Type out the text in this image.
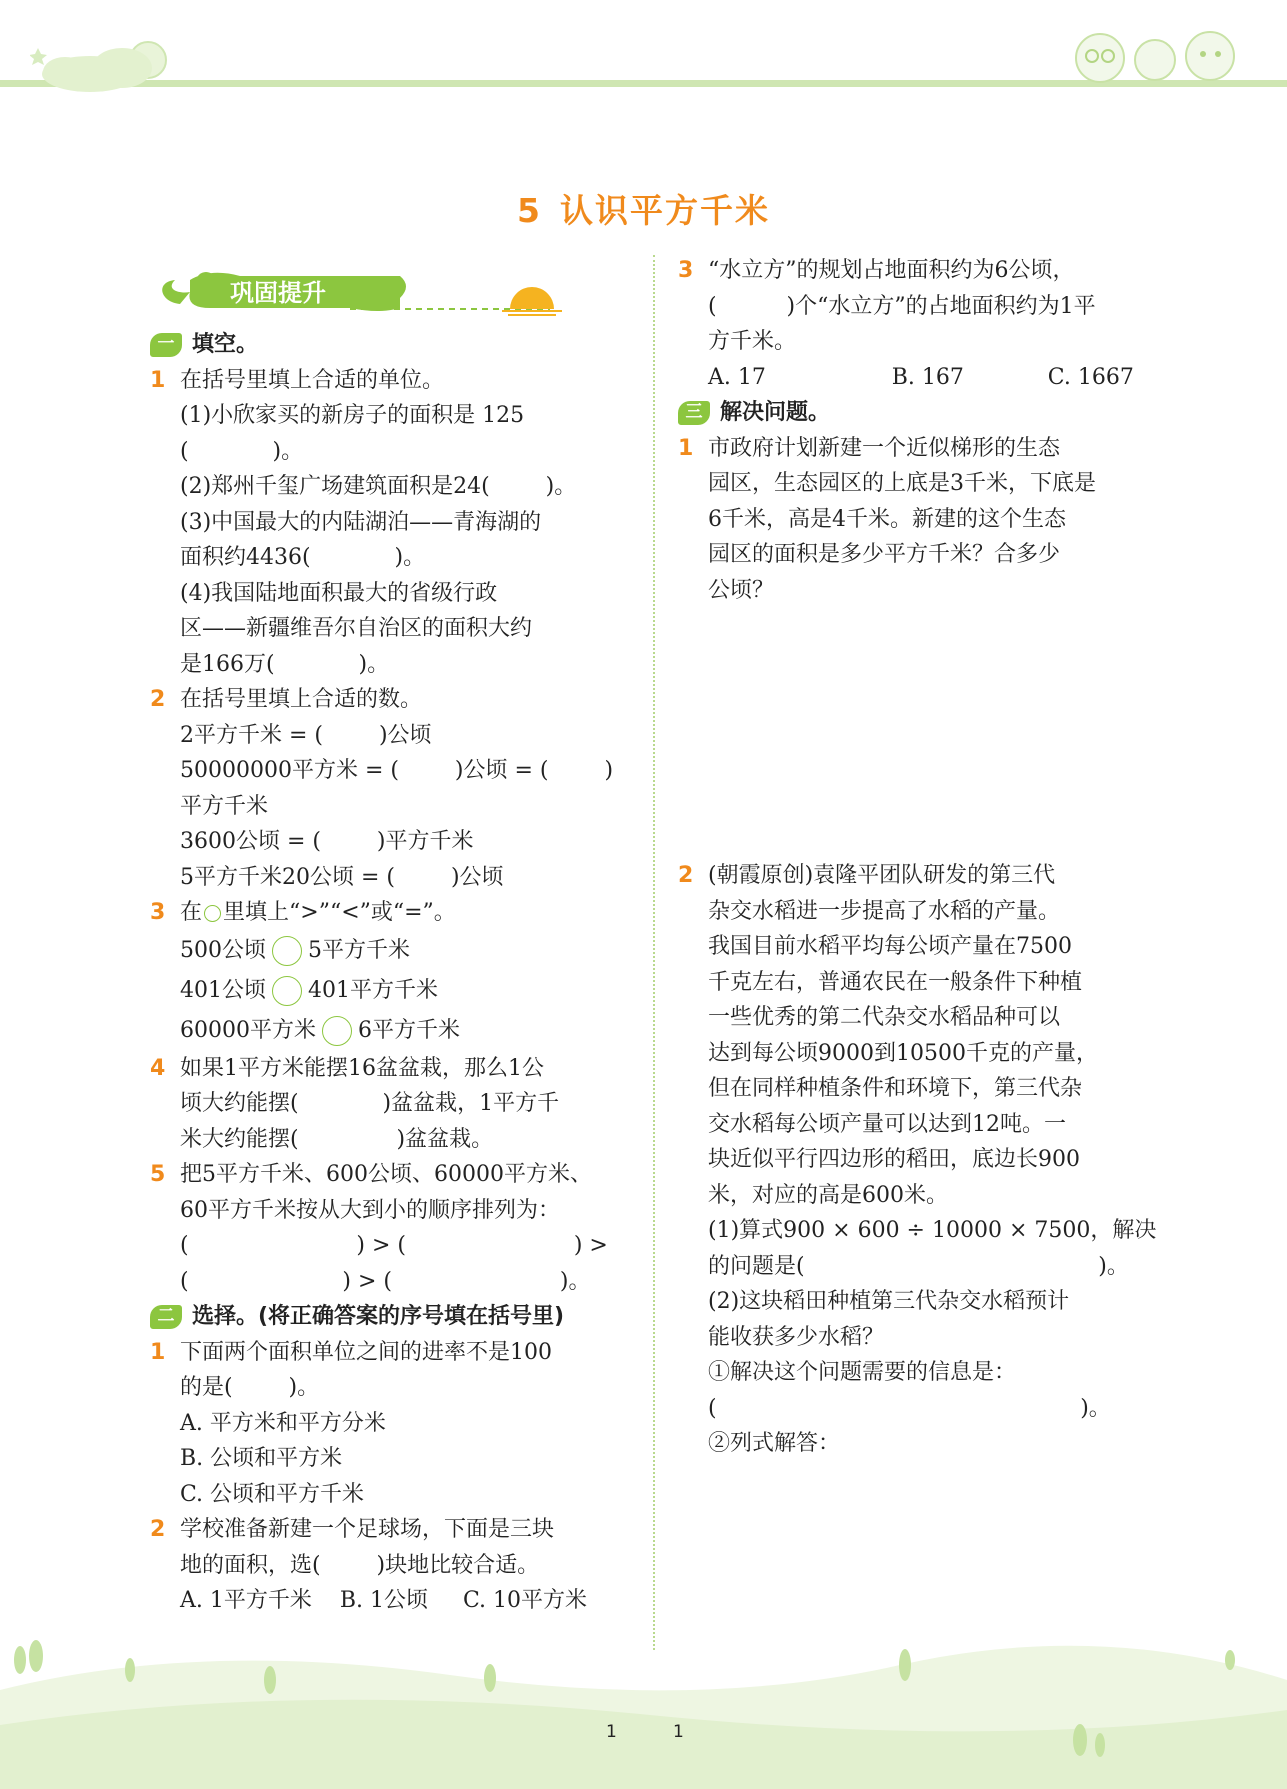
5 认识平方千米
巩固提升
一 填空。
1 在括号里填上合适的单位。
(1)小欣家买的新房子的面积是 125
(            )。
(2)郑州千玺广场建筑面积是24(        )。
(3)中国最大的内陆湖泊——青海湖的
面积约4436(            )。
(4)我国陆地面积最大的省级行政
区——新疆维吾尔自治区的面积大约
是166万(            )。
2 在括号里填上合适的数。
2平方千米 = (        )公顷
50000000平方米 = (        )公顷 = (        )
平方千米
3600公顷 = (        )平方千米
5平方千米20公顷 = (        )公顷
3 在 里填上“>”“<”或“=”。
500公顷 5平方千米
401公顷 401平方千米
60000平方米 6平方千米
4 如果1平方米能摆16盆盆栽，那么1公
顷大约能摆(            )盆盆栽，1平方千
米大约能摆(              )盆盆栽。
5 把5平方千米、600公顷、60000平方米、
60平方千米按从大到小的顺序排列为：
(                        ) > (                        ) >
(                      ) > (                        )。
二 选择。(将正确答案的序号填在括号里)
1 下面两个面积单位之间的进率不是100
的是(        )。
A. 平方米和平方分米
B. 公顷和平方米
C. 公顷和平方千米
2 学校准备新建一个足球场，下面是三块
地的面积，选(        )块地比较合适。
A. 1平方千米    B. 1公顷     C. 10平方米
3 “水立方”的规划占地面积约为6公顷，
(          )个“水立方”的占地面积约为1平
方千米。
A. 17                  B. 167            C. 1667
三 解决问题。
1 市政府计划新建一个近似梯形的生态
园区，生态园区的上底是3千米，下底是
6千米，高是4千米。新建的这个生态
园区的面积是多少平方千米？合多少
公顷？
2 (朝霞原创)袁隆平团队研发的第三代
杂交水稻进一步提高了水稻的产量。
我国目前水稻平均每公顷产量在7500
千克左右，普通农民在一般条件下种植
一些优秀的第二代杂交水稻品种可以
达到每公顷9000到10500千克的产量，
但在同样种植条件和环境下，第三代杂
交水稻每公顷产量可以达到12吨。一
块近似平行四边形的稻田，底边长900
米，对应的高是600米。
(1)算式900 × 600 ÷ 10000 × 7500，解决
的问题是(                                          )。
(2)这块稻田种植第三代杂交水稻预计
能收获多少水稻？
①解决这个问题需要的信息是：
(                                                    )。
②列式解答：
1	1
